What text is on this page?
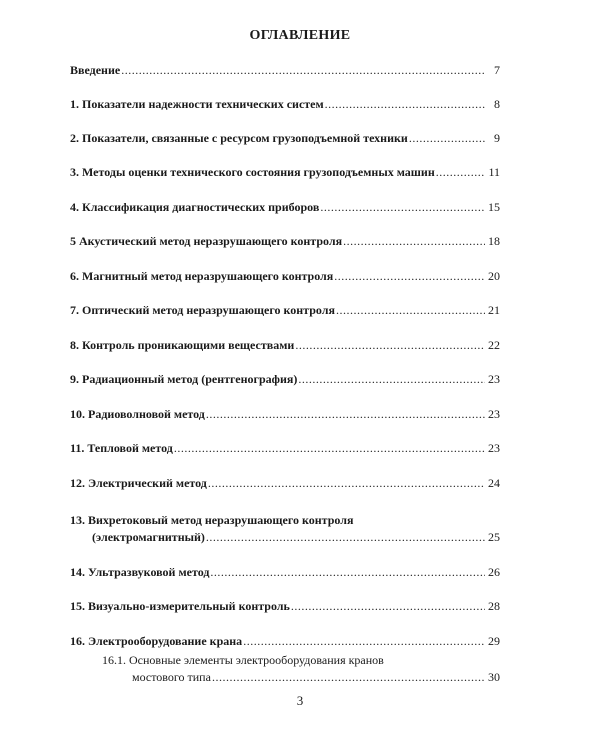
ОГЛАВЛЕНИЕ
Введение .....	7
1. Показатели надежности технических систем .....	8
2. Показатели, связанные с ресурсом грузоподъемной техники .....	9
3. Методы оценки технического состояния грузоподъемных машин .....	11
4. Классификация диагностических приборов .....	15
5 Акустический метод неразрушающего контроля .....	18
6. Магнитный метод неразрушающего контроля .....	20
7. Оптический метод неразрушающего контроля .....	21
8. Контроль проникающими веществами .....	22
9. Радиационный метод (рентгенография) .....	23
10. Радиоволновой метод .....	23
11. Тепловой метод .....	23
12. Электрический метод .....	24
13. Вихретоковый метод неразрушающего контроля
(электромагнитный) .....	25
14. Ультразвуковой метод .....	26
15. Визуально-измерительный контроль .....	28
16. Электрооборудование крана .....	29
16.1. Основные элементы электрооборудования кранов
мостового типа .....	30
3
